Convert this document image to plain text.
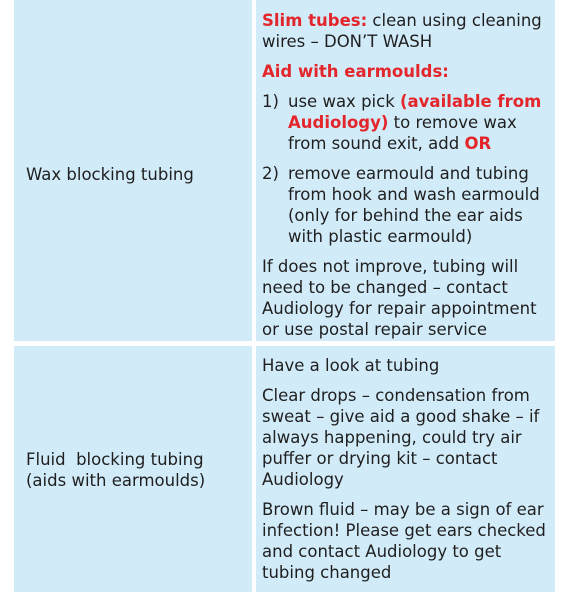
Wax blocking tubing

Slim tubes: clean using cleaning wires – DON’T WASH

Aid with earmoulds:

1) use wax pick (available from Audiology) to remove wax from sound exit, add OR
2) remove earmould and tubing from hook and wash earmould (only for behind the ear aids with plastic earmould)

If does not improve, tubing will need to be changed – contact Audiology for repair appointment or use postal repair service

Fluid  blocking tubing
(aids with earmoulds)

Have a look at tubing

Clear drops – condensation from sweat – give aid a good shake – if always happening, could try air puffer or drying kit – contact Audiology

Brown fluid – may be a sign of ear infection! Please get ears checked and contact Audiology to get tubing changed
